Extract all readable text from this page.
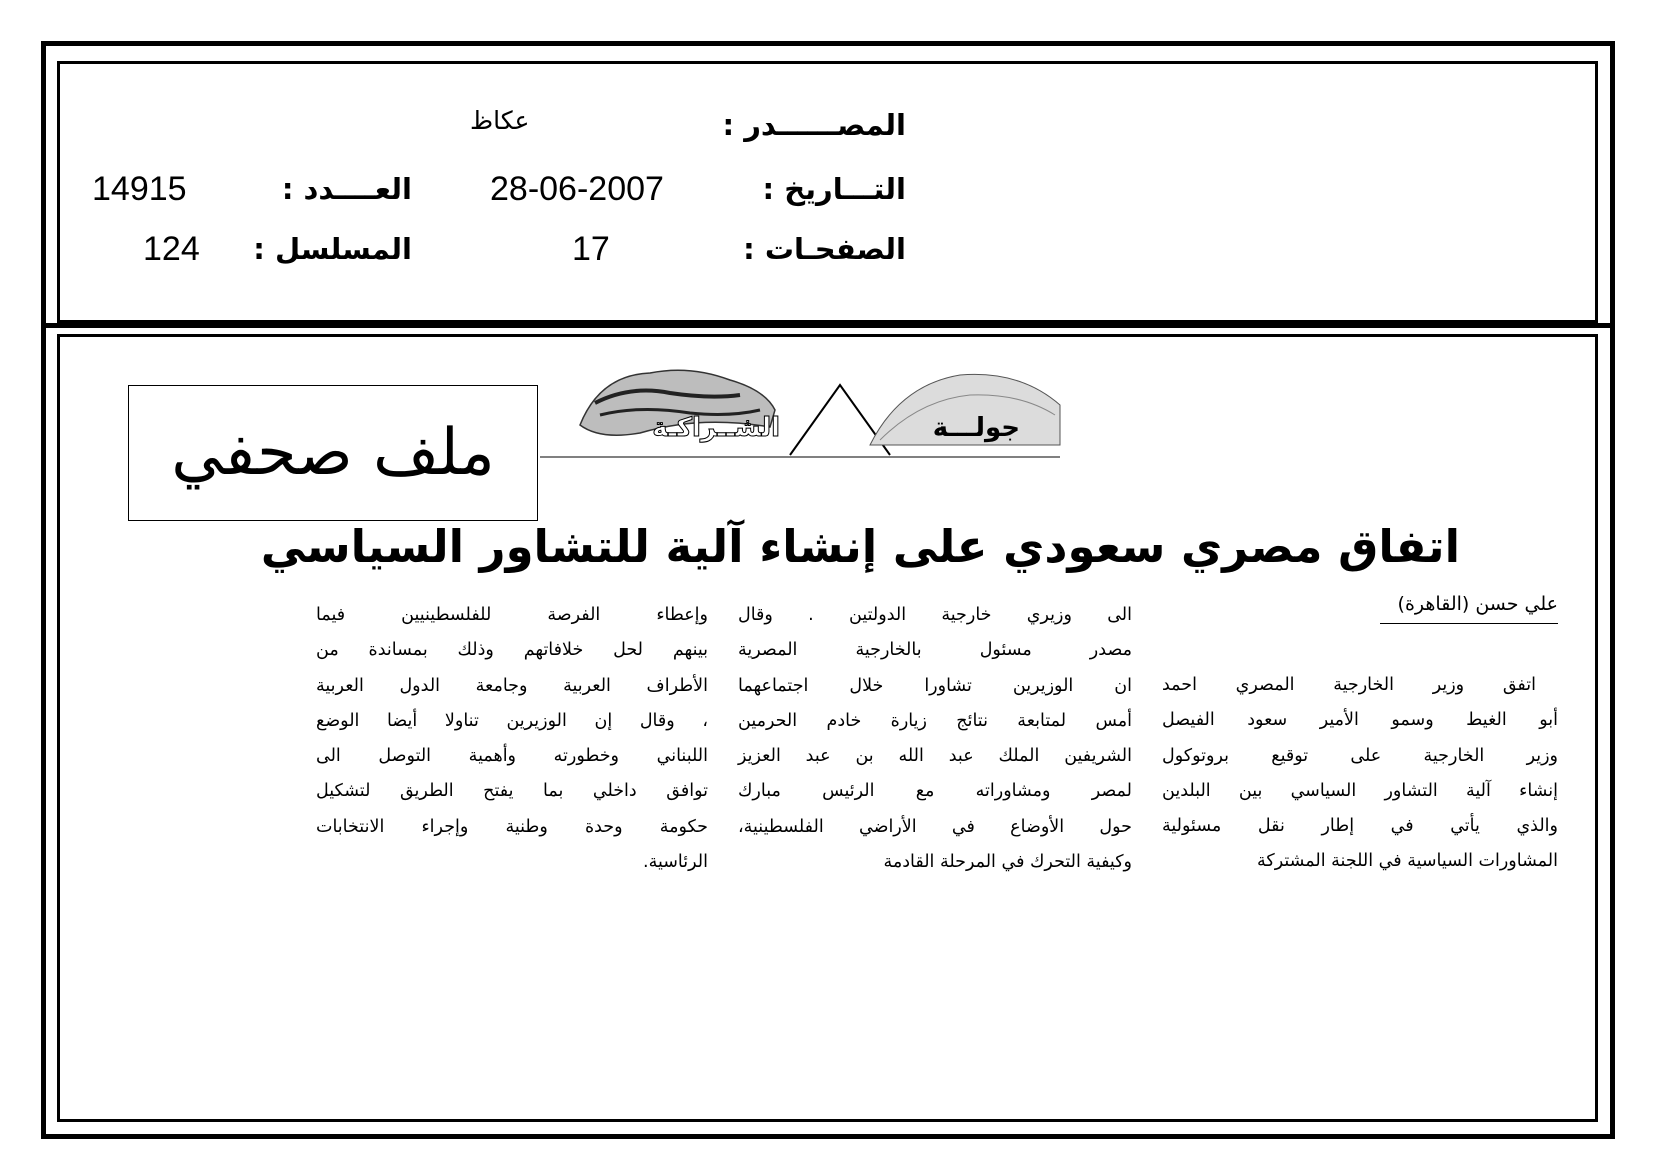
المصــــــدر :
عكاظ
التـــاريخ :
28-06-2007
العــــدد :
14915
الصفحـات :
17
المسلسل :
124
ملف صحفي	جولـــة
الشــراكـة
اتفاق مصري سعودي على إنشاء آلية للتشاور السياسي
علي حسن (القاهرة)
اتفق وزير الخارجية المصري احمد
أبو الغيط وسمو الأمير سعود الفيصل
وزير الخارجية على توقيع بروتوكول
إنشاء آلية التشاور السياسي بين البلدين
والذي يأتي في إطار نقل مسئولية
المشاورات السياسية في اللجنة المشتركة
الى وزيري خارجية الدولتين . وقال
مصدر مسئول بالخارجية المصرية
ان الوزيرين تشاورا خلال اجتماعهما
أمس لمتابعة نتائج زيارة خادم الحرمين
الشريفين الملك عبد الله بن عبد العزيز
لمصر ومشاوراته مع الرئيس مبارك
حول الأوضاع في الأراضي الفلسطينية،
وكيفية التحرك في المرحلة القادمة
وإعطاء الفرصة للفلسطينيين فيما
بينهم لحل خلافاتهم وذلك بمساندة من
الأطراف العربية وجامعة الدول العربية
، وقال إن الوزيرين تناولا أيضا الوضع
اللبناني وخطورته وأهمية التوصل الى
توافق داخلي بما يفتح الطريق لتشكيل
حكومة وحدة وطنية وإجراء الانتخابات
الرئاسية.
